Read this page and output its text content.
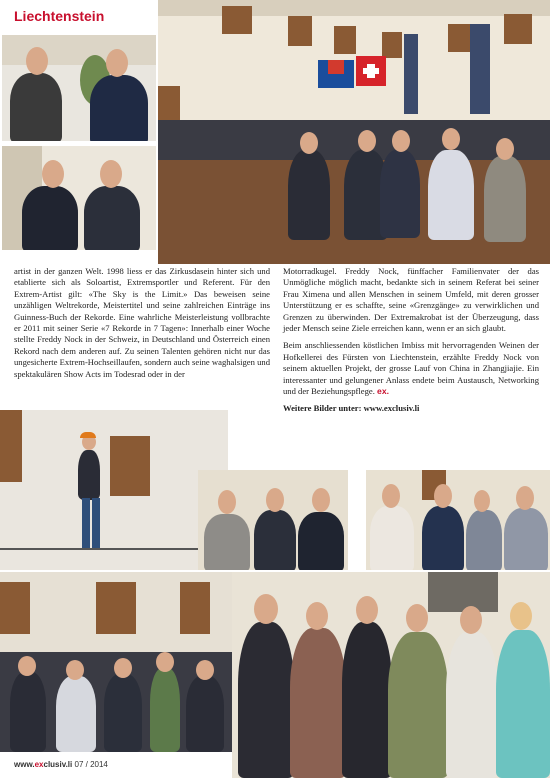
Liechtenstein

artist in der ganzen Welt. 1998 liess er das Zirkusdasein hinter sich und etablierte sich als Soloartist, Extremsportler und Referent. Für den Extrem-Artist gilt: «The Sky is the Limit.» Das beweisen seine unzähligen Weltrekorde, Meistertitel und seine zahlreichen Einträge ins Guinness-Buch der Rekorde. Eine wahrliche Meisterleistung vollbrachte er 2011 mit seiner Serie «7 Rekorde in 7 Tagen»: Innerhalb einer Woche stellte Freddy Nock in der Schweiz, in Deutschland und Österreich einen Rekord nach dem anderen auf. Zu seinen Talenten gehören nicht nur das ungesicherte Extrem-Hochseillaufen, sondern auch seine waghalsigen und spektakulären Show Acts im Todesrad oder in der

Motorradkugel. Freddy Nock, fünffacher Familienvater der das Unmögliche möglich macht, bedankte sich in seinem Referat bei seiner Frau Ximena und allen Menschen in seinem Umfeld, mit deren grosser Unterstützung er es schaffte, seine «Grenzgänge» zu verwirklichen und Grenzen zu überwinden. Der Extremakrobat ist der Überzeugung, dass jeder Mensch seine Ziele erreichen kann, wenn er an sich glaubt.

Beim anschliessenden köstlichen Imbiss mit hervorragenden Weinen der Hofkellerei des Fürsten von Liechtenstein, erzählte Freddy Nock von seinem aktuellen Projekt, der grosse Lauf von China in Zhangjiajie. Ein interessanter und gelungener Anlass endete beim Austausch, Networking und der Beziehungspflege. ex.

Weitere Bilder unter: www.exclusiv.li

www.exclusiv.li 07 / 2014
